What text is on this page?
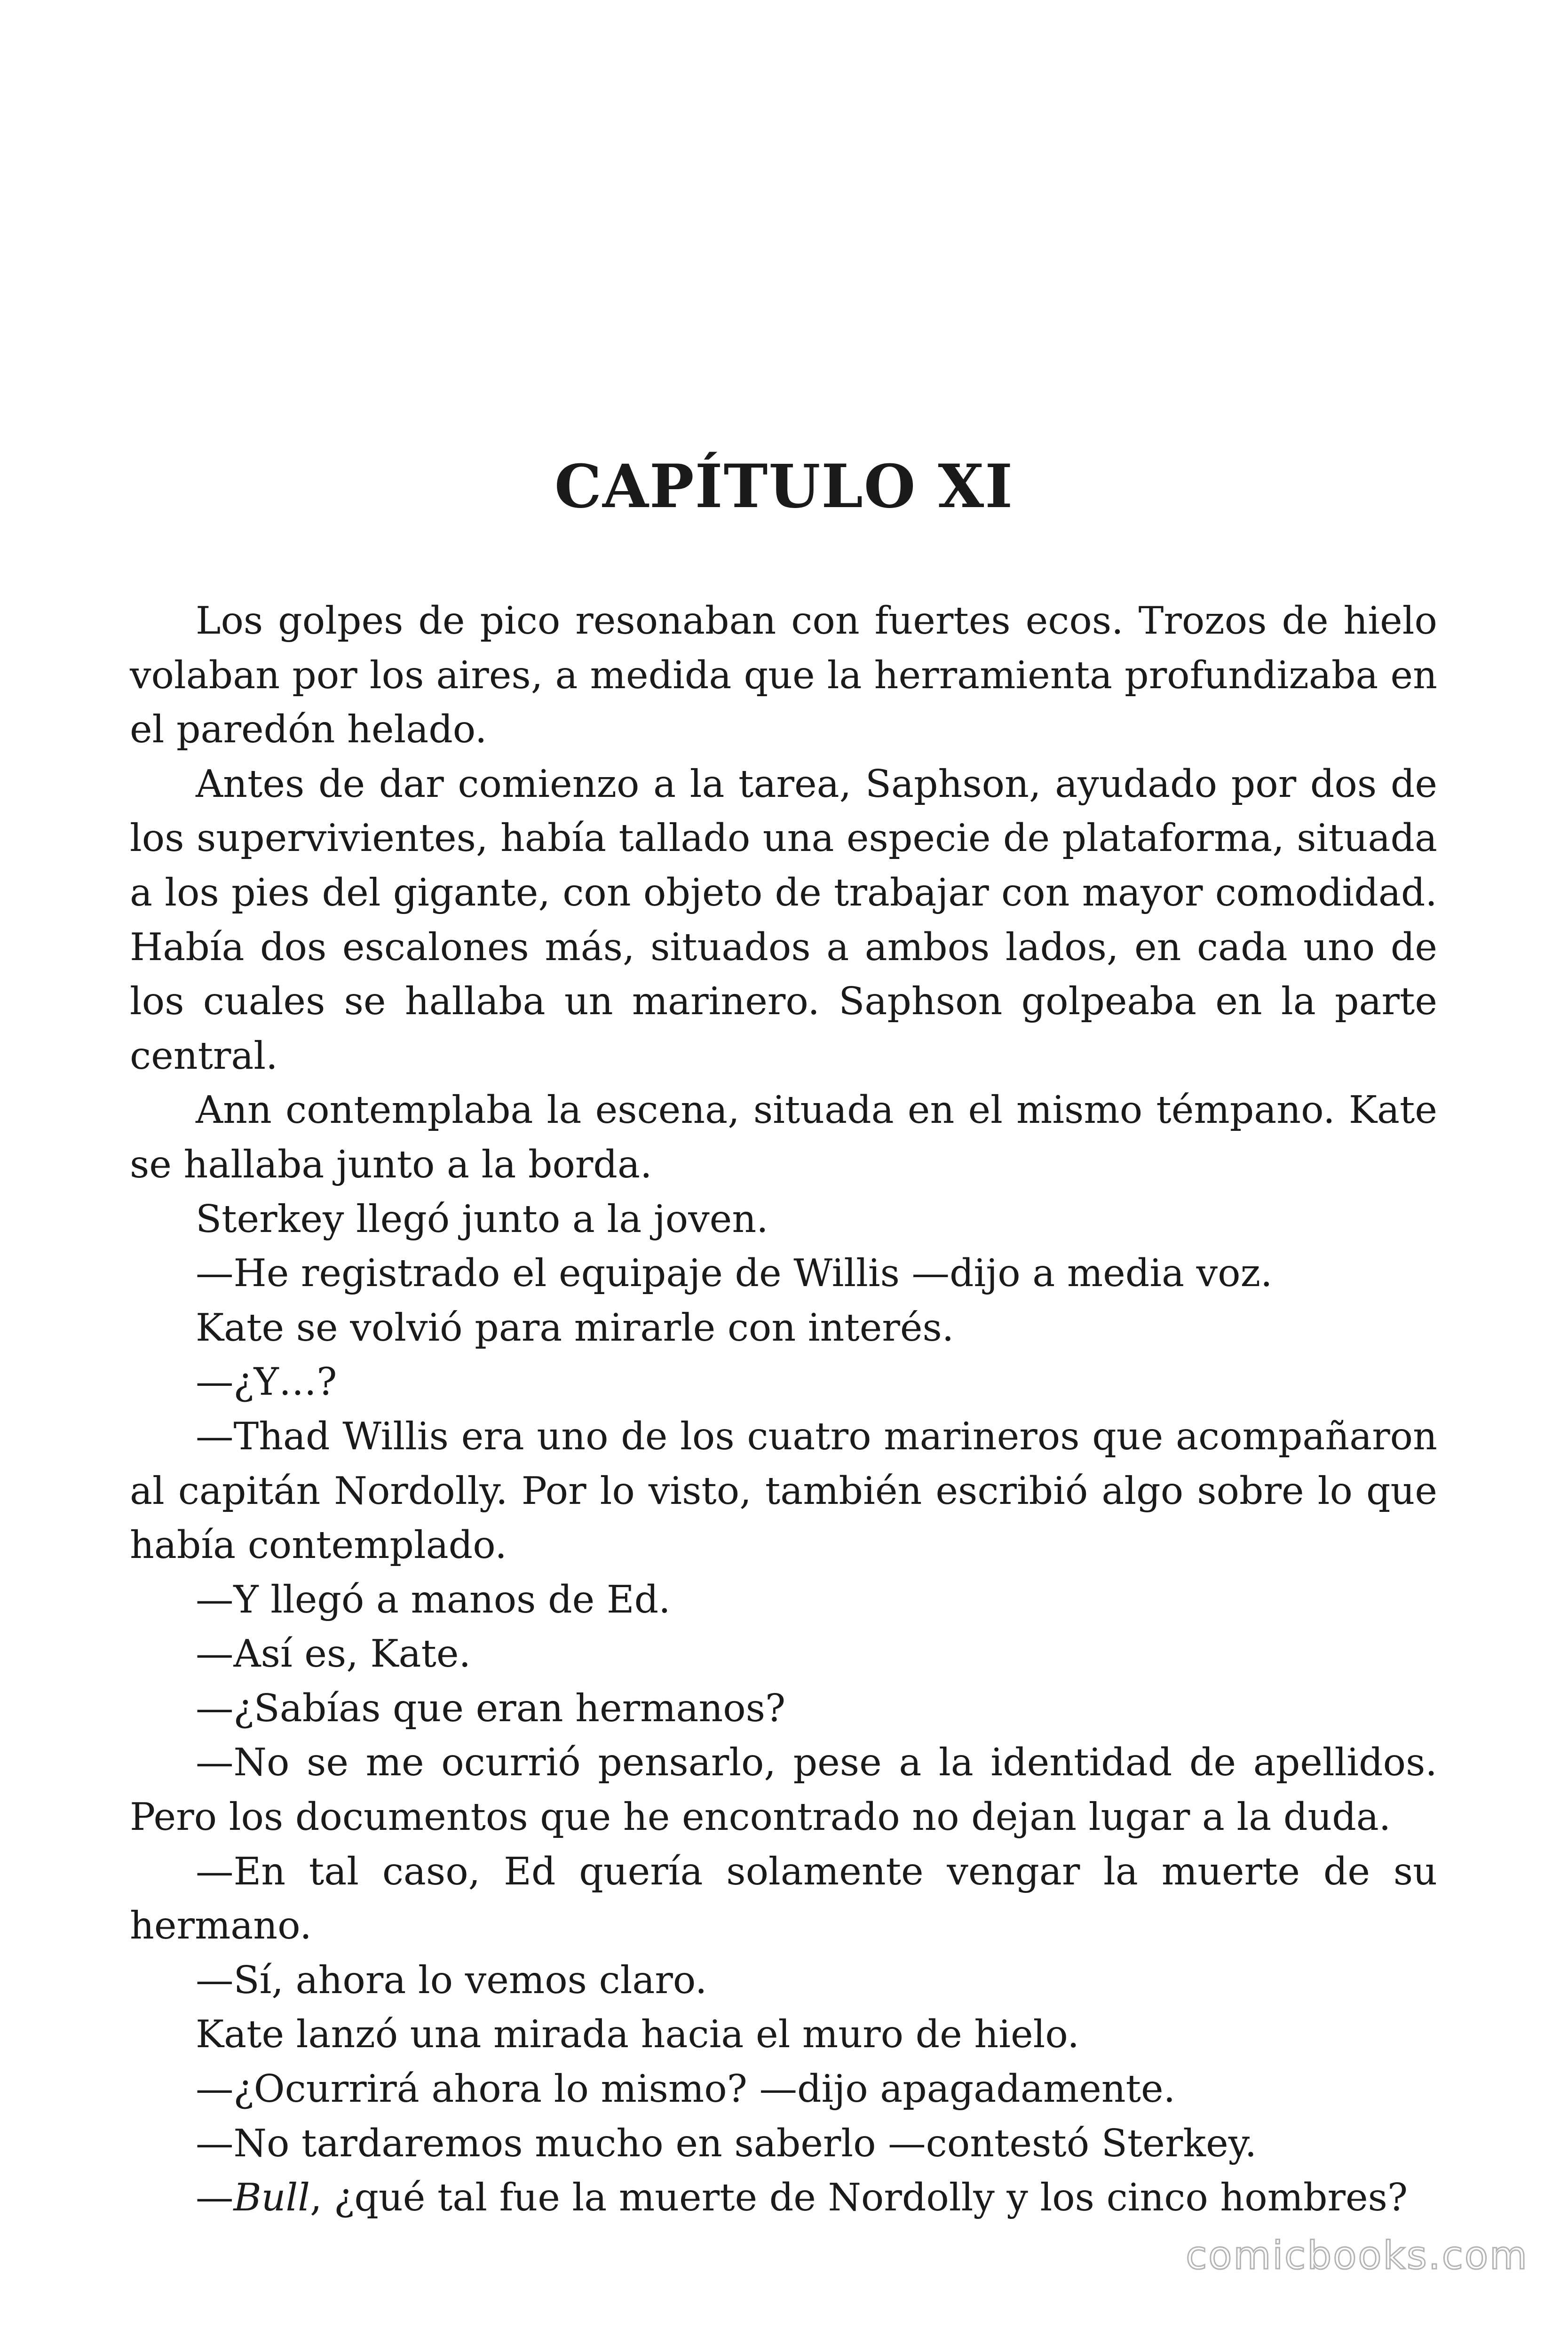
CAPÍTULO XI

Los golpes de pico resonaban con fuertes ecos. Trozos de hielo volaban por los aires, a medida que la herramienta profundizaba en el paredón helado.

Antes de dar comienzo a la tarea, Saphson, ayudado por dos de los supervivientes, había tallado una especie de plataforma, situada a los pies del gigante, con objeto de trabajar con mayor comodidad. Había dos escalones más, situados a ambos lados, en cada uno de los cuales se hallaba un marinero. Saphson golpeaba en la parte central.

Ann contemplaba la escena, situada en el mismo témpano. Kate se hallaba junto a la borda.

Sterkey llegó junto a la joven.

—He registrado el equipaje de Willis —dijo a media voz.

Kate se volvió para mirarle con interés.

—¿Y…?

—Thad Willis era uno de los cuatro marineros que acompañaron al capitán Nordolly. Por lo visto, también escribió algo sobre lo que había contemplado.

—Y llegó a manos de Ed.

—Así es, Kate.

—¿Sabías que eran hermanos?

—No se me ocurrió pensarlo, pese a la identidad de apellidos. Pero los documentos que he encontrado no dejan lugar a la duda.

—En tal caso, Ed quería solamente vengar la muerte de su hermano.

—Sí, ahora lo vemos claro.

Kate lanzó una mirada hacia el muro de hielo.

—¿Ocurrirá ahora lo mismo? —dijo apagadamente.

—No tardaremos mucho en saberlo —contestó Sterkey.

—Bull, ¿qué tal fue la muerte de Nordolly y los cinco hombres?

comicbooks.com
